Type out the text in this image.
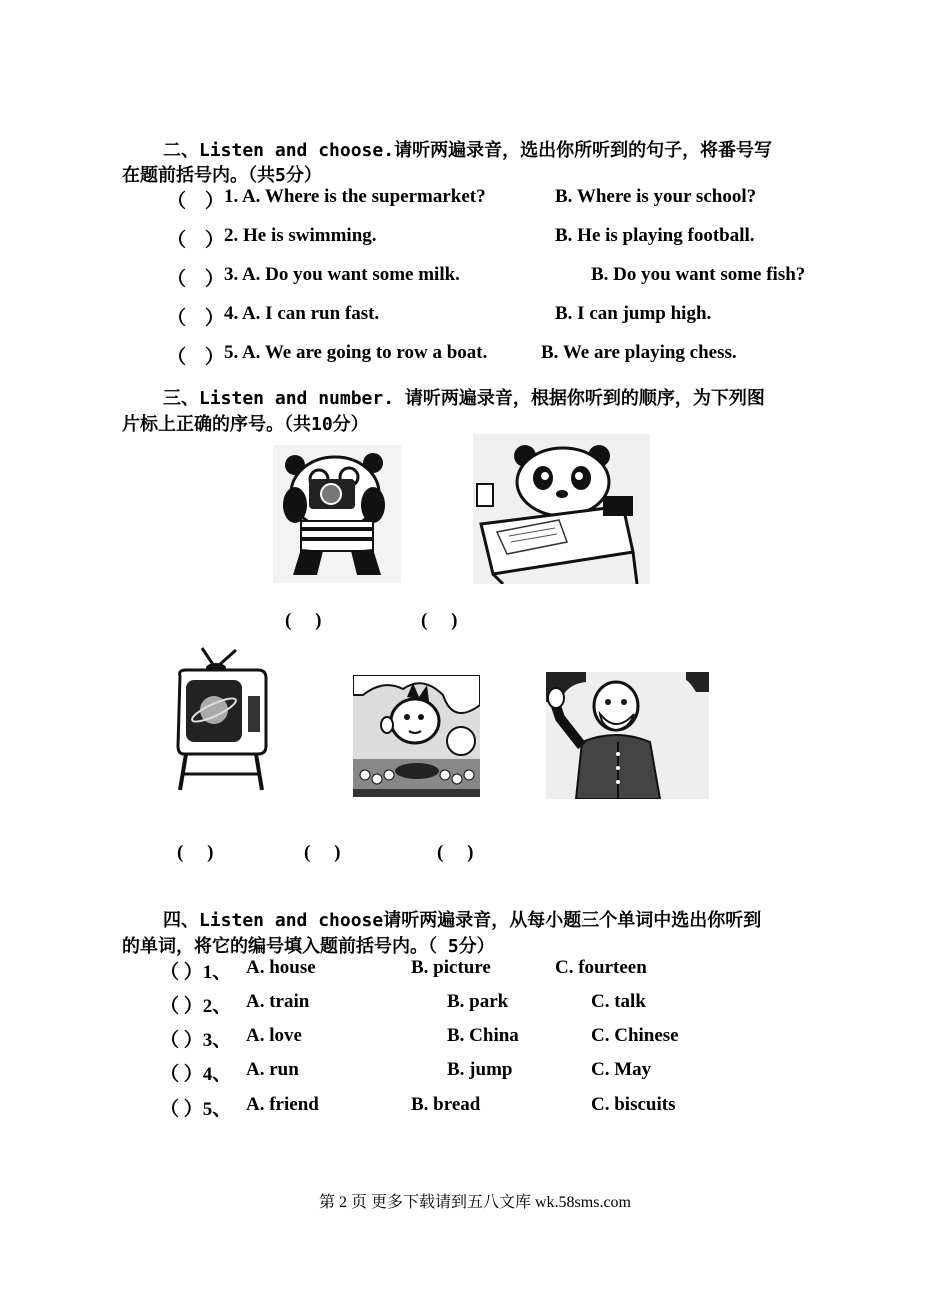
二、Listen and choose.请听两遍录音，选出你所听到的句子，将番号写
在题前括号内。（共5分）
（　） 1. A. Where is the supermarket?	B. Where is your school?
（　） 2. He is swimming.	B. He is playing football.
（　） 3. A. Do you want some milk.	B. Do you want some fish?
（　） 4. A. I can run fast.	B. I can jump high.
（　） 5. A. We are going to row a boat.	B. We are playing chess.
三、Listen and number. 请听两遍录音，根据你听到的顺序，为下列图
片标上正确的序号。（共10分）
(　 )	(　 )
(　 )	(　 )	(　 )
四、Listen and choose请听两遍录音，从每小题三个单词中选出你听到
的单词，将它的编号填入题前括号内。（ 5分）
（ ）1、 A. house	B. picture	C. fourteen
（ ）2、 A. train	B. park	C. talk
（ ）3、 A. love	B. China	C. Chinese
（ ）4、 A. run	B. jump	C. May
（ ）5、 A. friend	B. bread	C. biscuits
第 2 页 更多下载请到五八文库 wk.58sms.com
